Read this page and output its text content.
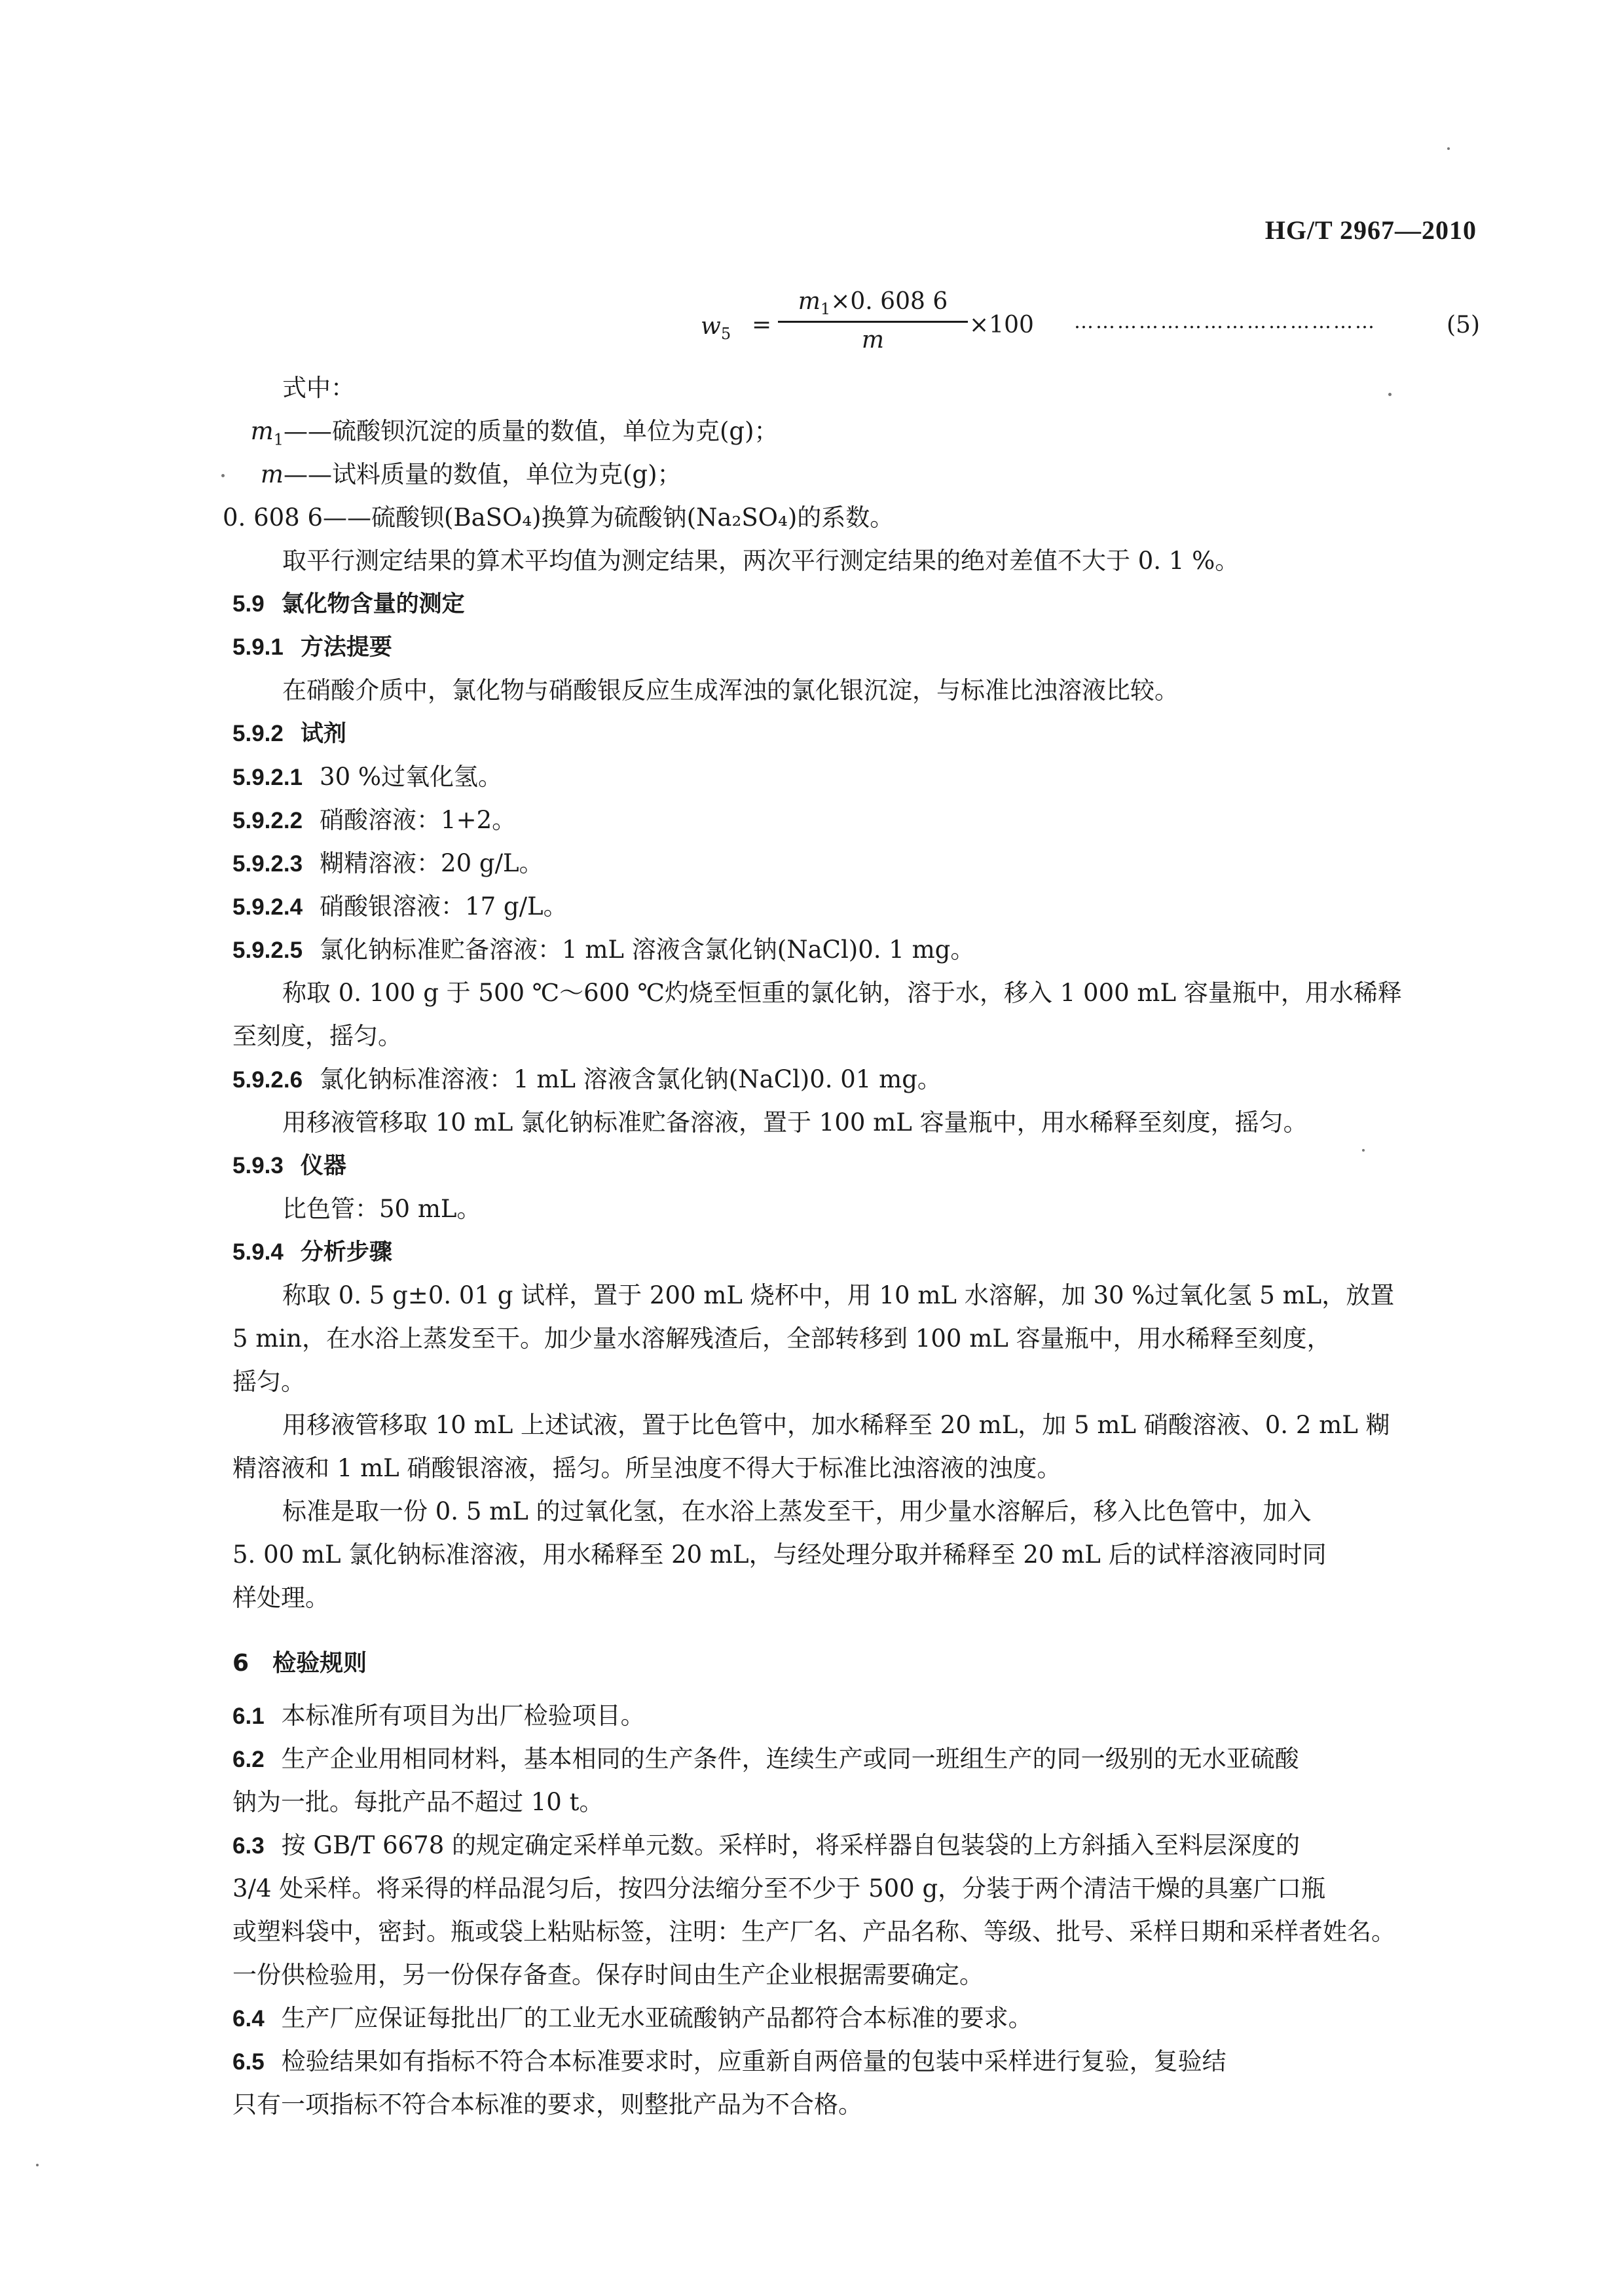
HG/T 2967—2010
$w_5 = \frac{m_1\times 0. 608 6}{m} \times 100$ ……………………………………	(5)
式中：
$m_1——$硫酸钡沉淀的质量的数值，单位为克(g)；
m——试料质量的数值，单位为克(g)；
0. 608 6——硫酸钡(BaSO₄)换算为硫酸钠(Na₂SO₄)的系数。
取平行测定结果的算术平均值为测定结果，两次平行测定结果的绝对差值不大于 0. 1 %。
5.9 氯化物含量的测定
5.9.1 方法提要
在硝酸介质中，氯化物与硝酸银反应生成浑浊的氯化银沉淀，与标准比浊溶液比较。
5.9.2 试剂
5.9.2.1 30 %过氧化氢。
5.9.2.2 硝酸溶液：1+2。
5.9.2.3 糊精溶液：20 g/L。
5.9.2.4 硝酸银溶液：17 g/L。
5.9.2.5 氯化钠标准贮备溶液：1 mL 溶液含氯化钠(NaCl)0. 1 mg。
称取 0. 100 g 于 500 ℃～600 ℃灼烧至恒重的氯化钠，溶于水，移入 1 000 mL 容量瓶中，用水稀释
至刻度，摇匀。
5.9.2.6 氯化钠标准溶液：1 mL 溶液含氯化钠(NaCl)0. 01 mg。
用移液管移取 10 mL 氯化钠标准贮备溶液，置于 100 mL 容量瓶中，用水稀释至刻度，摇匀。
5.9.3 仪器
比色管：50 mL。
5.9.4 分析步骤
称取 0. 5 g±0. 01 g 试样，置于 200 mL 烧杯中，用 10 mL 水溶解，加 30 %过氧化氢 5 mL，放置
5 min，在水浴上蒸发至干。加少量水溶解残渣后，全部转移到 100 mL 容量瓶中，用水稀释至刻度，
摇匀。
用移液管移取 10 mL 上述试液，置于比色管中，加水稀释至 20 mL，加 5 mL 硝酸溶液、0. 2 mL 糊
精溶液和 1 mL 硝酸银溶液，摇匀。所呈浊度不得大于标准比浊溶液的浊度。
标准是取一份 0. 5 mL 的过氧化氢，在水浴上蒸发至干，用少量水溶解后，移入比色管中，加入
5. 00 mL 氯化钠标准溶液，用水稀释至 20 mL，与经处理分取并稀释至 20 mL 后的试样溶液同时同
样处理。
6 检验规则
6.1 本标准所有项目为出厂检验项目。
6.2 生产企业用相同材料，基本相同的生产条件，连续生产或同一班组生产的同一级别的无水亚硫酸
钠为一批。每批产品不超过 10 t。
6.3 按 GB/T 6678 的规定确定采样单元数。采样时，将采样器自包装袋的上方斜插入至料层深度的
3/4 处采样。将采得的样品混匀后，按四分法缩分至不少于 500 g，分装于两个清洁干燥的具塞广口瓶
或塑料袋中，密封。瓶或袋上粘贴标签，注明：生产厂名、产品名称、等级、批号、采样日期和采样者姓名。
一份供检验用，另一份保存备查。保存时间由生产企业根据需要确定。
6.4 生产厂应保证每批出厂的工业无水亚硫酸钠产品都符合本标准的要求。
6.5 检验结果如有指标不符合本标准要求时，应重新自两倍量的包装中采样进行复验，复验结
只有一项指标不符合本标准的要求，则整批产品为不合格。
